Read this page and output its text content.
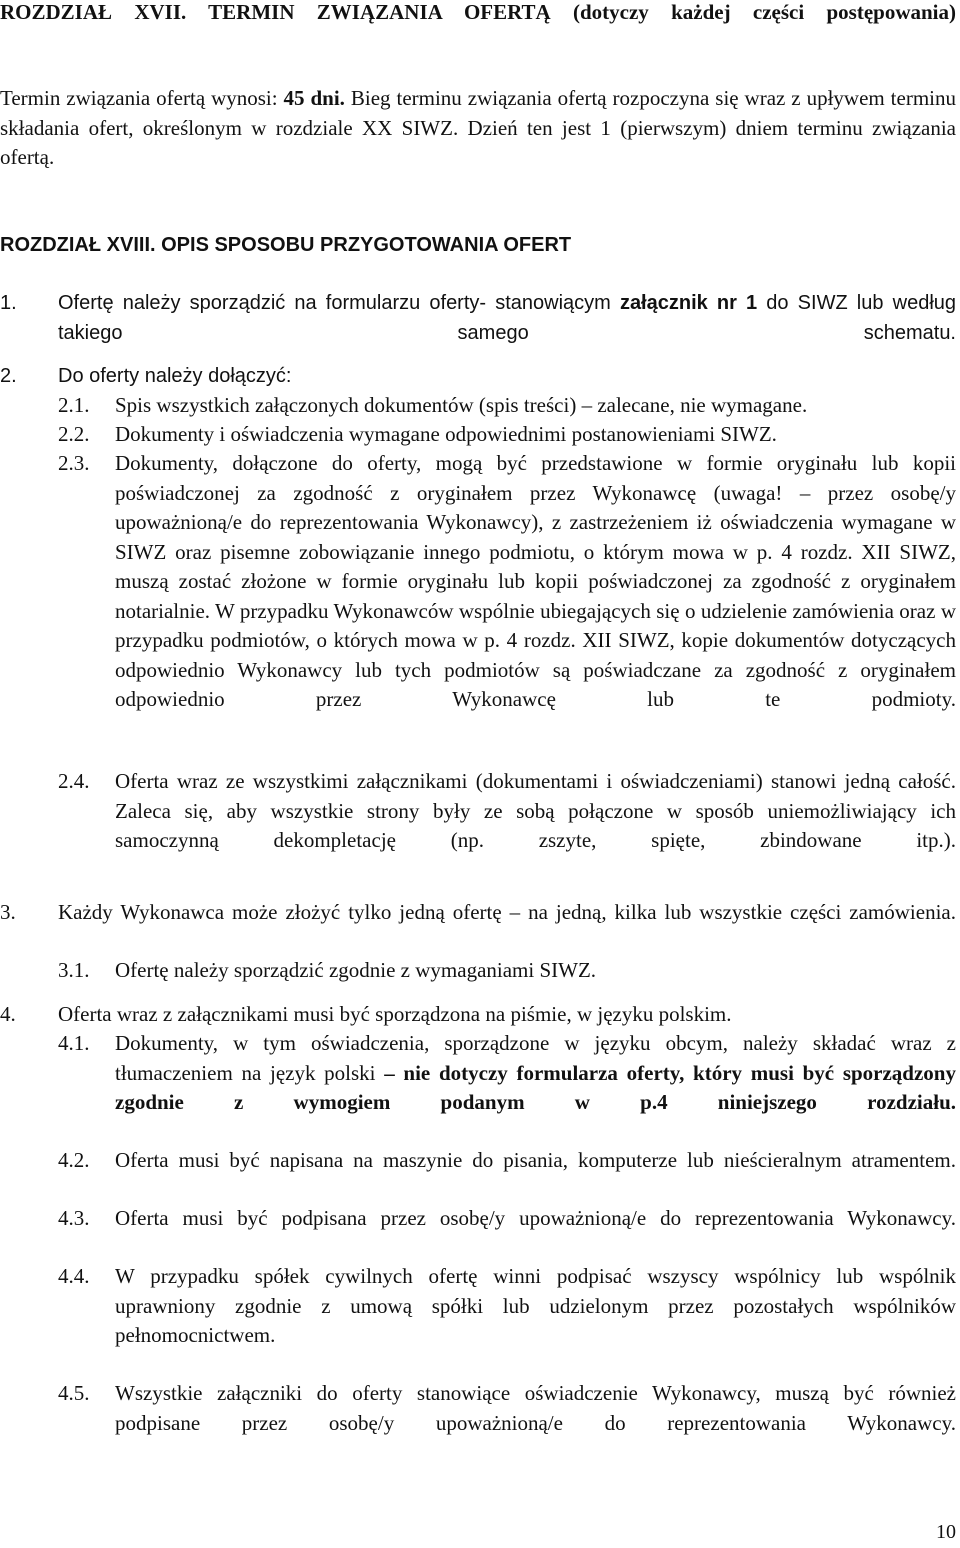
ROZDZIAŁ XVII. TERMIN ZWIĄZANIA OFERTĄ (dotyczy każdej części postępowania)
Termin związania ofertą wynosi: 45 dni. Bieg terminu związania ofertą rozpoczyna się wraz z upływem terminu składania ofert, określonym w rozdziale XX SIWZ. Dzień ten jest 1 (pierwszym) dniem terminu związania ofertą.
ROZDZIAŁ XVIII. OPIS SPOSOBU PRZYGOTOWANIA OFERT
1. Ofertę należy sporządzić na formularzu oferty- stanowiącym załącznik nr 1 do SIWZ lub według takiego samego schematu.
2. Do oferty należy dołączyć:
2.1. Spis wszystkich załączonych dokumentów (spis treści) – zalecane, nie wymagane.
2.2. Dokumenty i oświadczenia wymagane odpowiednimi postanowieniami SIWZ.
2.3. Dokumenty, dołączone do oferty, mogą być przedstawione w formie oryginału lub kopii poświadczonej za zgodność z oryginałem przez Wykonawcę (uwaga! – przez osobę/y upoważnioną/e do reprezentowania Wykonawcy), z zastrzeżeniem iż oświadczenia wymagane w SIWZ oraz pisemne zobowiązanie innego podmiotu, o którym mowa w p. 4 rozdz. XII SIWZ, muszą zostać złożone w formie oryginału lub kopii poświadczonej za zgodność z oryginałem notarialnie. W przypadku Wykonawców wspólnie ubiegających się o udzielenie zamówienia oraz w przypadku podmiotów, o których mowa w p. 4 rozdz. XII SIWZ, kopie dokumentów dotyczących odpowiednio Wykonawcy lub tych podmiotów są poświadczane za zgodność z oryginałem odpowiednio przez Wykonawcę lub te podmioty.
2.4. Oferta wraz ze wszystkimi załącznikami (dokumentami i oświadczeniami) stanowi jedną całość. Zaleca się, aby wszystkie strony były ze sobą połączone w sposób uniemożliwiający ich samoczynną dekompletację (np. zszyte, spięte, zbindowane itp.).
3. Każdy Wykonawca może złożyć tylko jedną ofertę – na jedną, kilka lub wszystkie części zamówienia.
3.1. Ofertę należy sporządzić zgodnie z wymaganiami SIWZ.
4. Oferta wraz z załącznikami musi być sporządzona na piśmie, w języku polskim.
4.1. Dokumenty, w tym oświadczenia, sporządzone w języku obcym, należy składać wraz z tłumaczeniem na język polski – nie dotyczy formularza oferty, który musi być sporządzony zgodnie z wymogiem podanym w p.4 niniejszego rozdziału.
4.2. Oferta musi być napisana na maszynie do pisania, komputerze lub nieścieralnym atramentem.
4.3. Oferta musi być podpisana przez osobę/y upoważnioną/e do reprezentowania Wykonawcy.
4.4. W przypadku spółek cywilnych ofertę winni podpisać wszyscy wspólnicy lub wspólnik uprawniony zgodnie z umową spółki lub udzielonym przez pozostałych wspólników pełnomocnictwem.
4.5. Wszystkie załączniki do oferty stanowiące oświadczenie Wykonawcy, muszą być również podpisane przez osobę/y upoważnioną/e do reprezentowania Wykonawcy.
10
